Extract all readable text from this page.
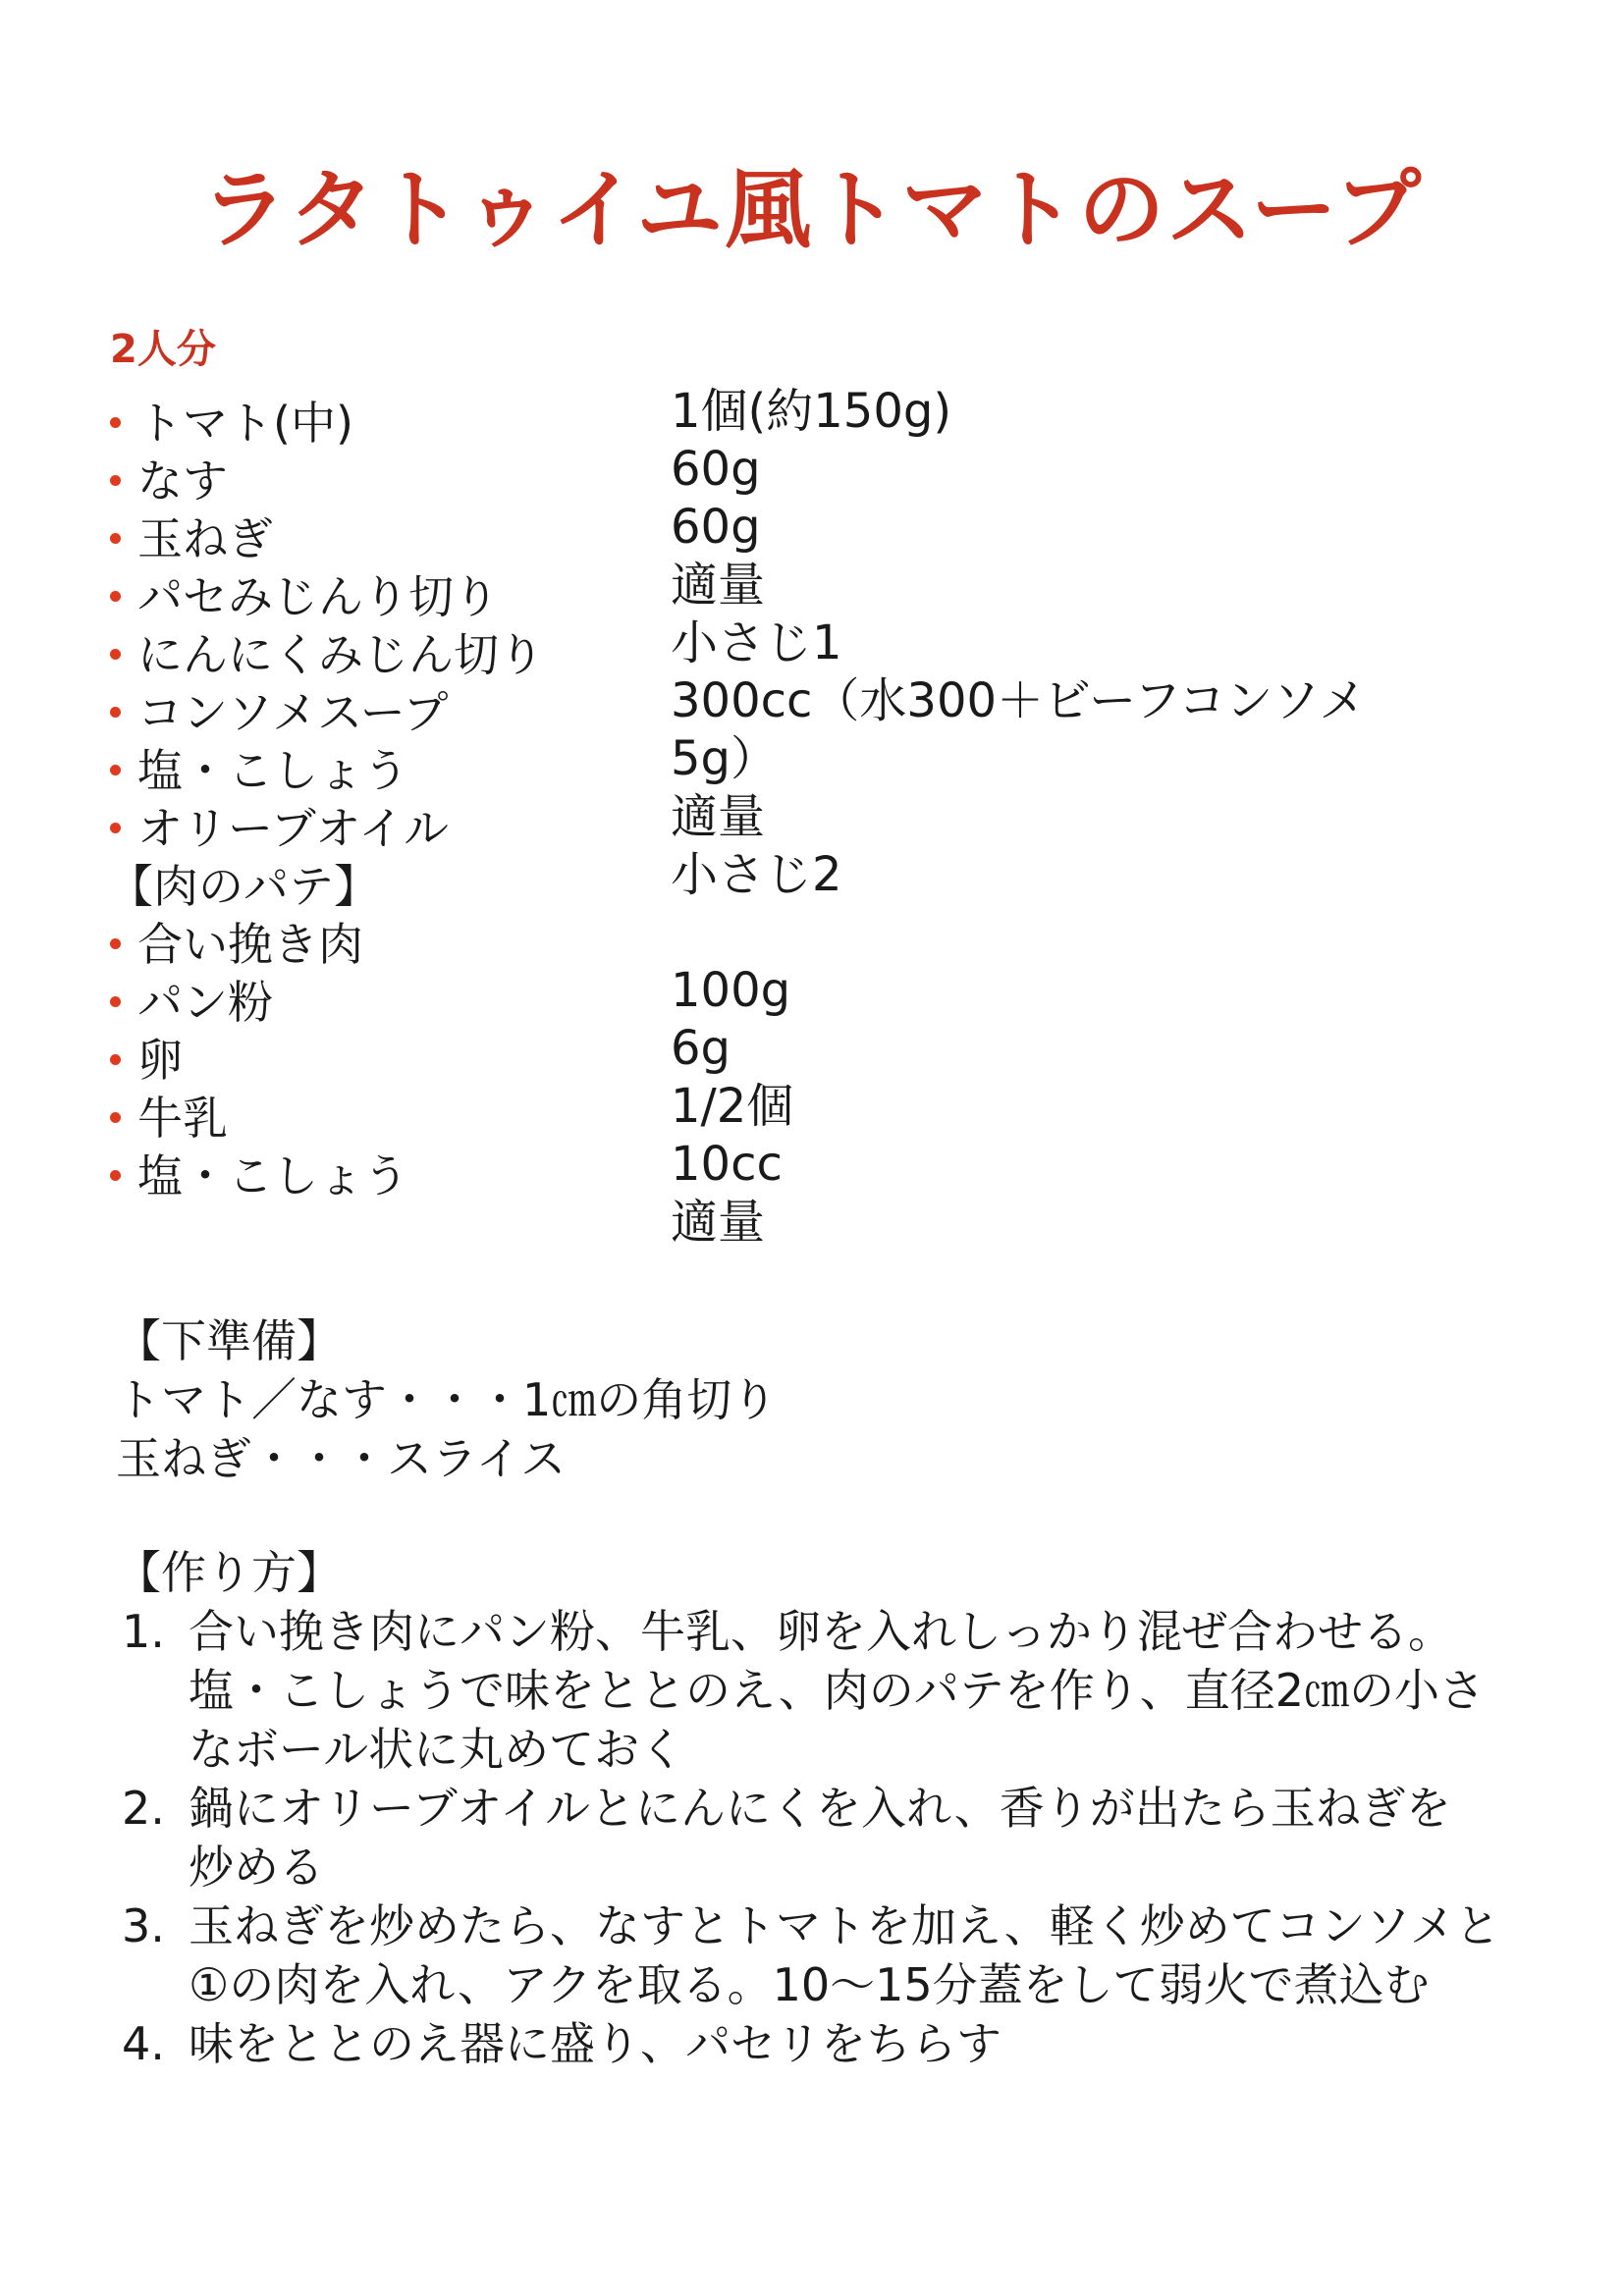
ラタトゥイユ風トマトのスープ
2人分
トマト(中)
なす
玉ねぎ
パセみじんり切り
にんにくみじん切り
コンソメスープ
塩・こしょう
オリーブオイル
【肉のパテ】
合い挽き肉
パン粉
卵
牛乳
塩・こしょう
1個(約150g)
60g
60g
適量
小さじ1
300cc（水300＋ビーフコンソメ
5g）
適量
小さじ2
100g
6g
1/2個
10cc
適量
【下準備】
トマト／なす・・・1㎝の角切り
玉ねぎ・・・スライス
【作り方】
1. 合い挽き肉にパン粉、牛乳、卵を入れしっかり混ぜ合わせる。
塩・こしょうで味をととのえ、肉のパテを作り、直径2㎝の小さ
なボール状に丸めておく
2. 鍋にオリーブオイルとにんにくを入れ、香りが出たら玉ねぎを
炒める
3. 玉ねぎを炒めたら、なすとトマトを加え、軽く炒めてコンソメと
①の肉を入れ、アクを取る。10～15分蓋をして弱火で煮込む
4. 味をととのえ器に盛り、パセリをちらす
